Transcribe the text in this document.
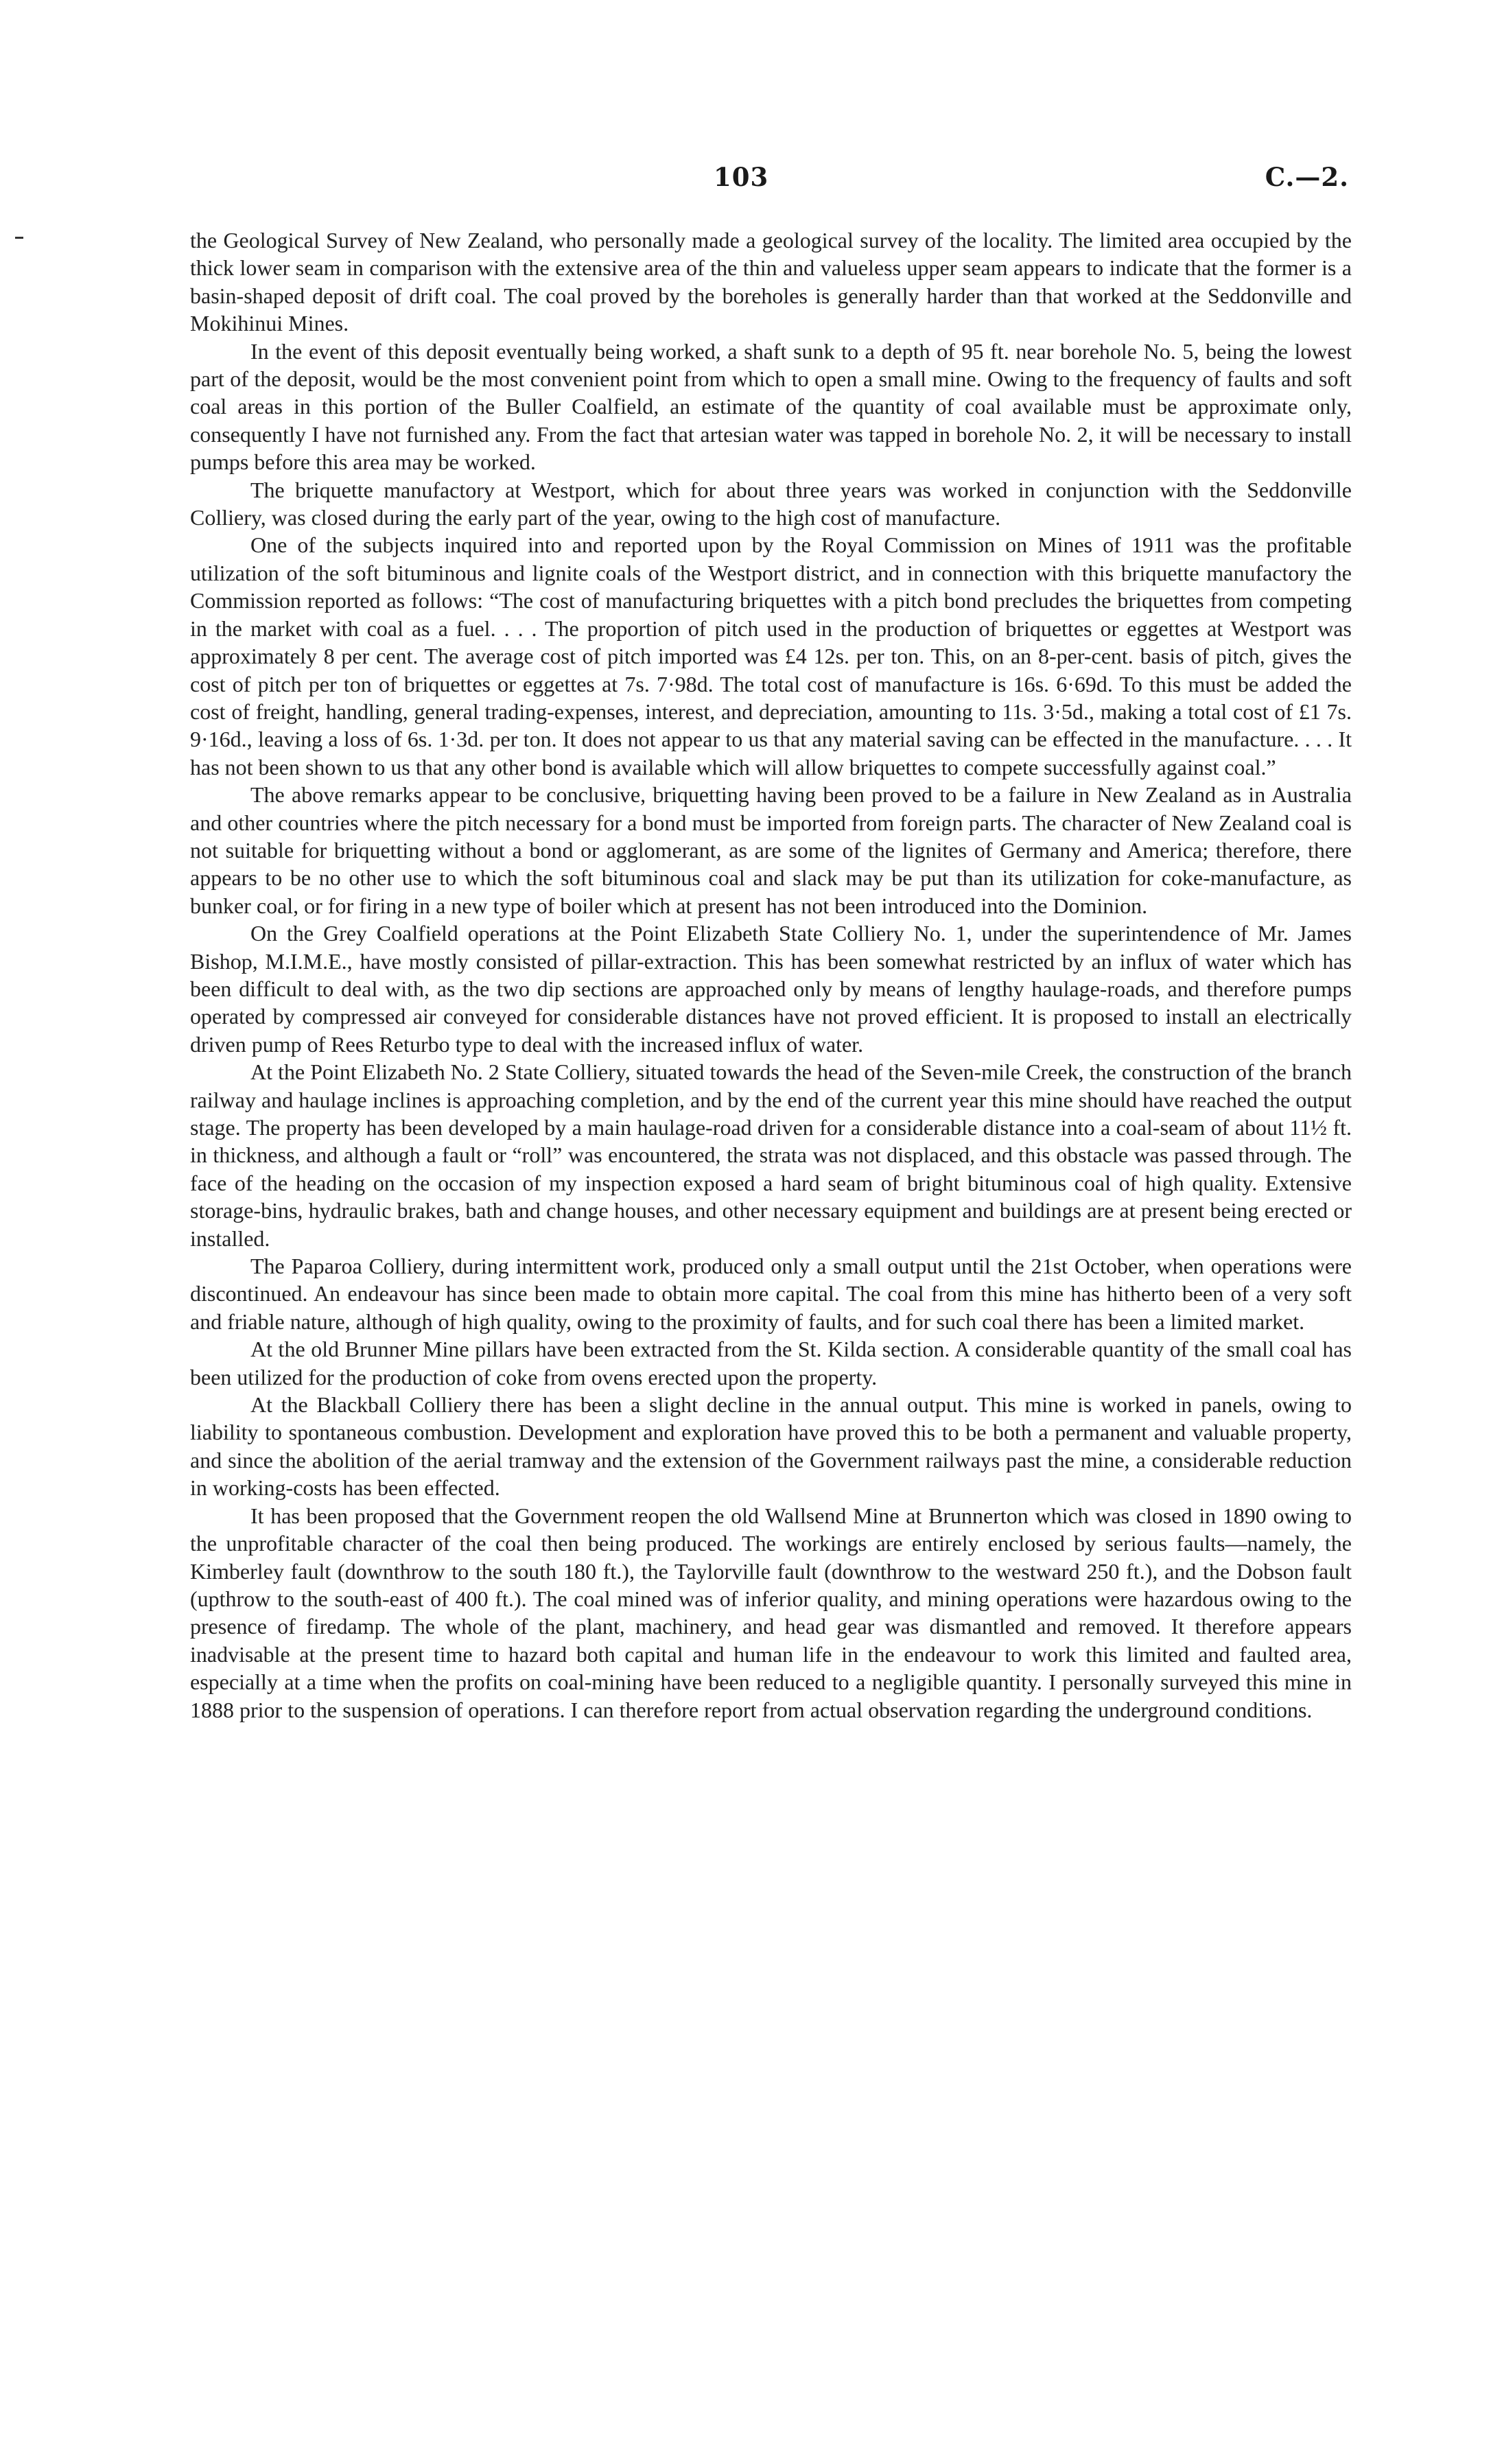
103	C.—2.

the Geological Survey of New Zealand, who personally made a geological survey of the locality. The limited area occupied by the thick lower seam in comparison with the extensive area of the thin and valueless upper seam appears to indicate that the former is a basin-shaped deposit of drift coal. The coal proved by the boreholes is generally harder than that worked at the Seddonville and Mokihinui Mines.

In the event of this deposit eventually being worked, a shaft sunk to a depth of 95 ft. near borehole No. 5, being the lowest part of the deposit, would be the most convenient point from which to open a small mine. Owing to the frequency of faults and soft coal areas in this portion of the Buller Coalfield, an estimate of the quantity of coal available must be approximate only, consequently I have not furnished any. From the fact that artesian water was tapped in borehole No. 2, it will be necessary to install pumps before this area may be worked.

The briquette manufactory at Westport, which for about three years was worked in conjunction with the Seddonville Colliery, was closed during the early part of the year, owing to the high cost of manufacture.

One of the subjects inquired into and reported upon by the Royal Commission on Mines of 1911 was the profitable utilization of the soft bituminous and lignite coals of the Westport district, and in connection with this briquette manufactory the Commission reported as follows: “The cost of manufacturing briquettes with a pitch bond precludes the briquettes from competing in the market with coal as a fuel. . . . The proportion of pitch used in the production of briquettes or eggettes at Westport was approximately 8 per cent. The average cost of pitch imported was £4 12s. per ton. This, on an 8-per-cent. basis of pitch, gives the cost of pitch per ton of briquettes or eggettes at 7s. 7·98d. The total cost of manufacture is 16s. 6·69d. To this must be added the cost of freight, handling, general trading-expenses, interest, and depreciation, amounting to 11s. 3·5d., making a total cost of £1 7s. 9·16d., leaving a loss of 6s. 1·3d. per ton. It does not appear to us that any material saving can be effected in the manufacture. . . . It has not been shown to us that any other bond is available which will allow briquettes to compete successfully against coal.”

The above remarks appear to be conclusive, briquetting having been proved to be a failure in New Zealand as in Australia and other countries where the pitch necessary for a bond must be imported from foreign parts. The character of New Zealand coal is not suitable for briquetting without a bond or agglomerant, as are some of the lignites of Germany and America; therefore, there appears to be no other use to which the soft bituminous coal and slack may be put than its utilization for coke-manufacture, as bunker coal, or for firing in a new type of boiler which at present has not been introduced into the Dominion.

On the Grey Coalfield operations at the Point Elizabeth State Colliery No. 1, under the superintendence of Mr. James Bishop, M.I.M.E., have mostly consisted of pillar-extraction. This has been somewhat restricted by an influx of water which has been difficult to deal with, as the two dip sections are approached only by means of lengthy haulage-roads, and therefore pumps operated by compressed air conveyed for considerable distances have not proved efficient. It is proposed to install an electrically driven pump of Rees Returbo type to deal with the increased influx of water.

At the Point Elizabeth No. 2 State Colliery, situated towards the head of the Seven-mile Creek, the construction of the branch railway and haulage inclines is approaching completion, and by the end of the current year this mine should have reached the output stage. The property has been developed by a main haulage-road driven for a considerable distance into a coal-seam of about 11½ ft. in thickness, and although a fault or “roll” was encountered, the strata was not displaced, and this obstacle was passed through. The face of the heading on the occasion of my inspection exposed a hard seam of bright bituminous coal of high quality. Extensive storage-bins, hydraulic brakes, bath and change houses, and other necessary equipment and buildings are at present being erected or installed.

The Paparoa Colliery, during intermittent work, produced only a small output until the 21st October, when operations were discontinued. An endeavour has since been made to obtain more capital. The coal from this mine has hitherto been of a very soft and friable nature, although of high quality, owing to the proximity of faults, and for such coal there has been a limited market.

At the old Brunner Mine pillars have been extracted from the St. Kilda section. A considerable quantity of the small coal has been utilized for the production of coke from ovens erected upon the property.

At the Blackball Colliery there has been a slight decline in the annual output. This mine is worked in panels, owing to liability to spontaneous combustion. Development and exploration have proved this to be both a permanent and valuable property, and since the abolition of the aerial tramway and the extension of the Government railways past the mine, a considerable reduction in working-costs has been effected.

It has been proposed that the Government reopen the old Wallsend Mine at Brunnerton which was closed in 1890 owing to the unprofitable character of the coal then being produced. The workings are entirely enclosed by serious faults—namely, the Kimberley fault (downthrow to the south 180 ft.), the Taylorville fault (downthrow to the westward 250 ft.), and the Dobson fault (upthrow to the south-east of 400 ft.). The coal mined was of inferior quality, and mining operations were hazardous owing to the presence of firedamp. The whole of the plant, machinery, and head gear was dismantled and removed. It therefore appears inadvisable at the present time to hazard both capital and human life in the endeavour to work this limited and faulted area, especially at a time when the profits on coal-mining have been reduced to a negligible quantity. I personally surveyed this mine in 1888 prior to the suspension of operations. I can therefore report from actual observation regarding the underground conditions.
